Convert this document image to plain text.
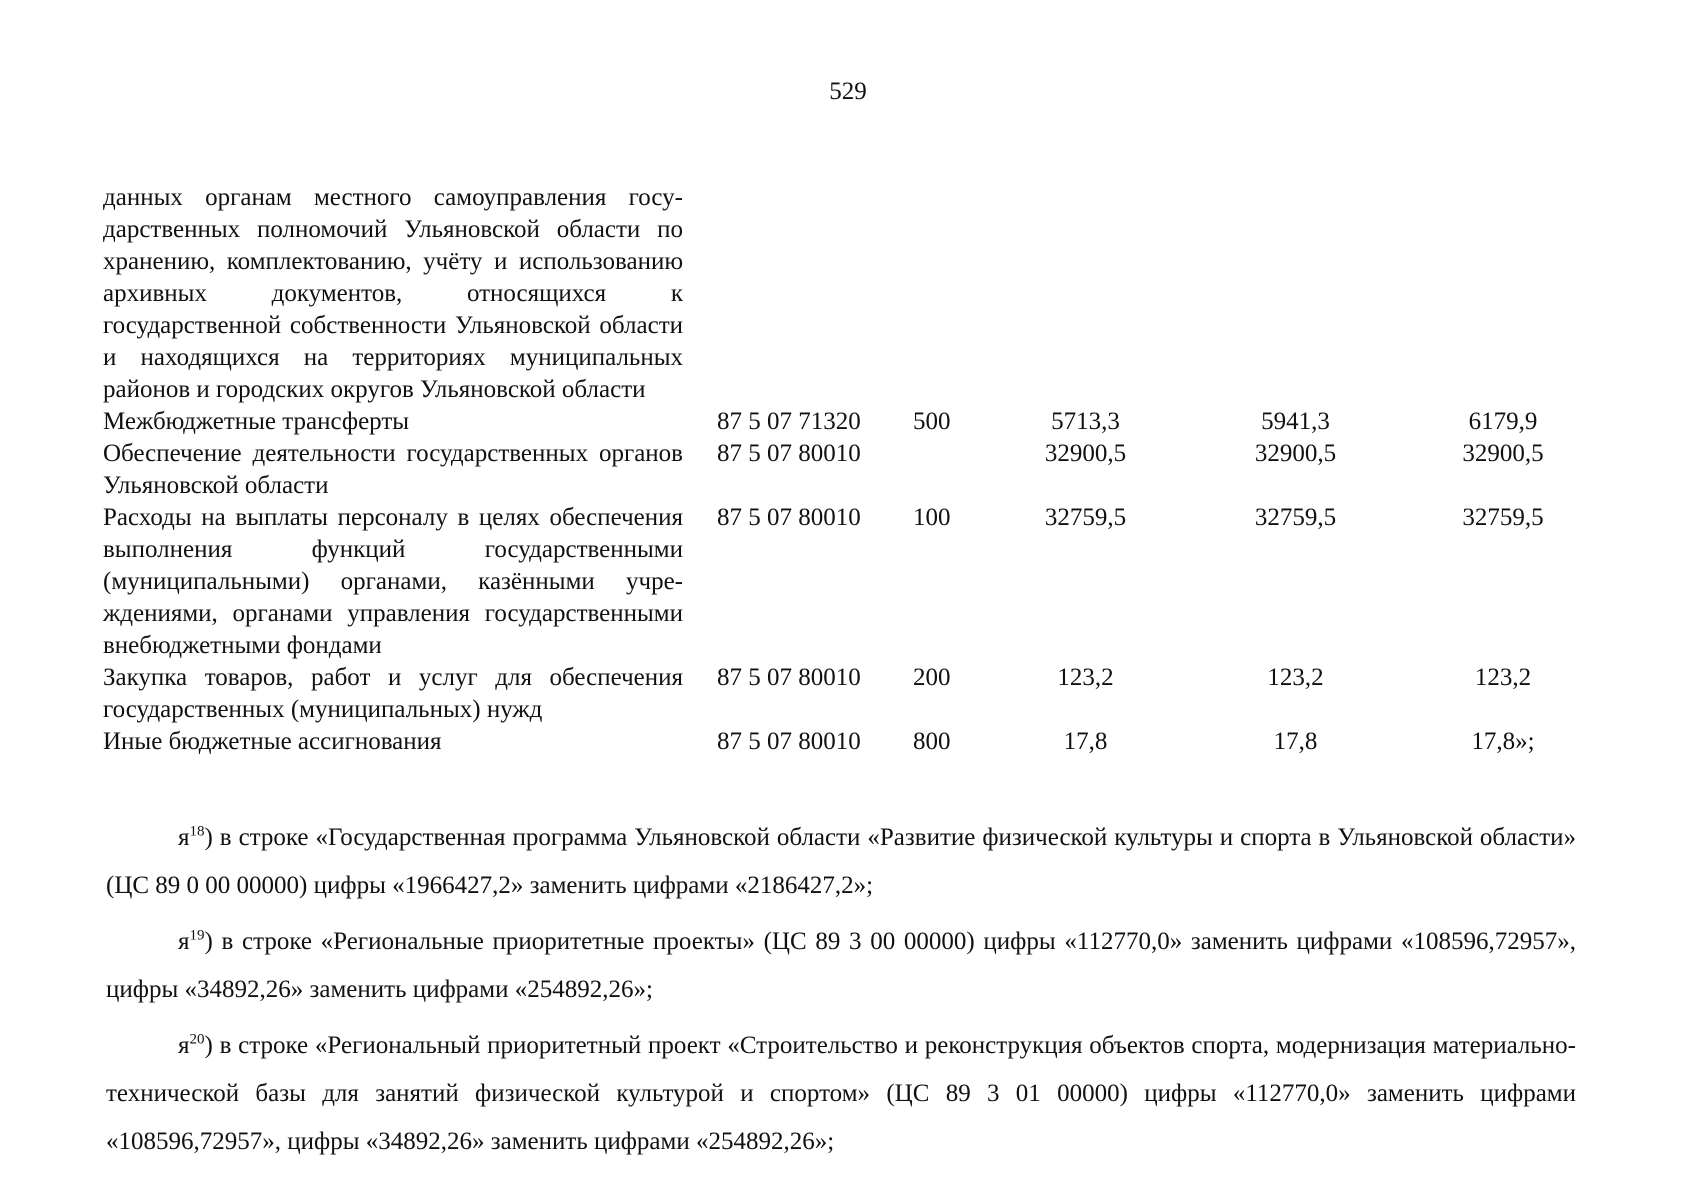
529
данных органам местного самоуправления государственных полномочий Ульяновской области по хранению, комплектованию, учёту и использованию архивных документов, относящихся к государственной собственности Ульяновской области и находящихся на территориях муниципальных районов и городских округов Ульяновской области					
Межбюджетные трансферты	87 5 07 71320	500	5713,3	5941,3	6179,9
Обеспечение деятельности государственных органов Ульяновской области	87 5 07 80010		32900,5	32900,5	32900,5
Расходы на выплаты персоналу в целях обеспечения выполнения функций государственными (муниципальными) органами, казёнными учреждениями, органами управления государственными внебюджетными фондами	87 5 07 80010	100	32759,5	32759,5	32759,5
Закупка товаров, работ и услуг для обеспечения государственных (муниципальных) нужд	87 5 07 80010	200	123,2	123,2	123,2
Иные бюджетные ассигнования	87 5 07 80010	800	17,8	17,8	17,8»;

$я^{18}$) в строке «Государственная программа Ульяновской области «Развитие физической культуры и спорта в Ульяновской области» (ЦС 89 0 00 00000) цифры «1966427,2» заменить цифрами «2186427,2»;

$я^{19}$) в строке «Региональные приоритетные проекты» (ЦС 89 3 00 00000) цифры «112770,0» заменить цифрами «108596,72957», цифры «34892,26» заменить цифрами «254892,26»;

$я^{20}$) в строке «Региональный приоритетный проект «Строительство и реконструкция объектов спорта, модернизация материально-технической базы для занятий физической культурой и спортом» (ЦС 89 3 01 00000) цифры «112770,0» заменить цифрами «108596,72957», цифры «34892,26» заменить цифрами «254892,26»;
